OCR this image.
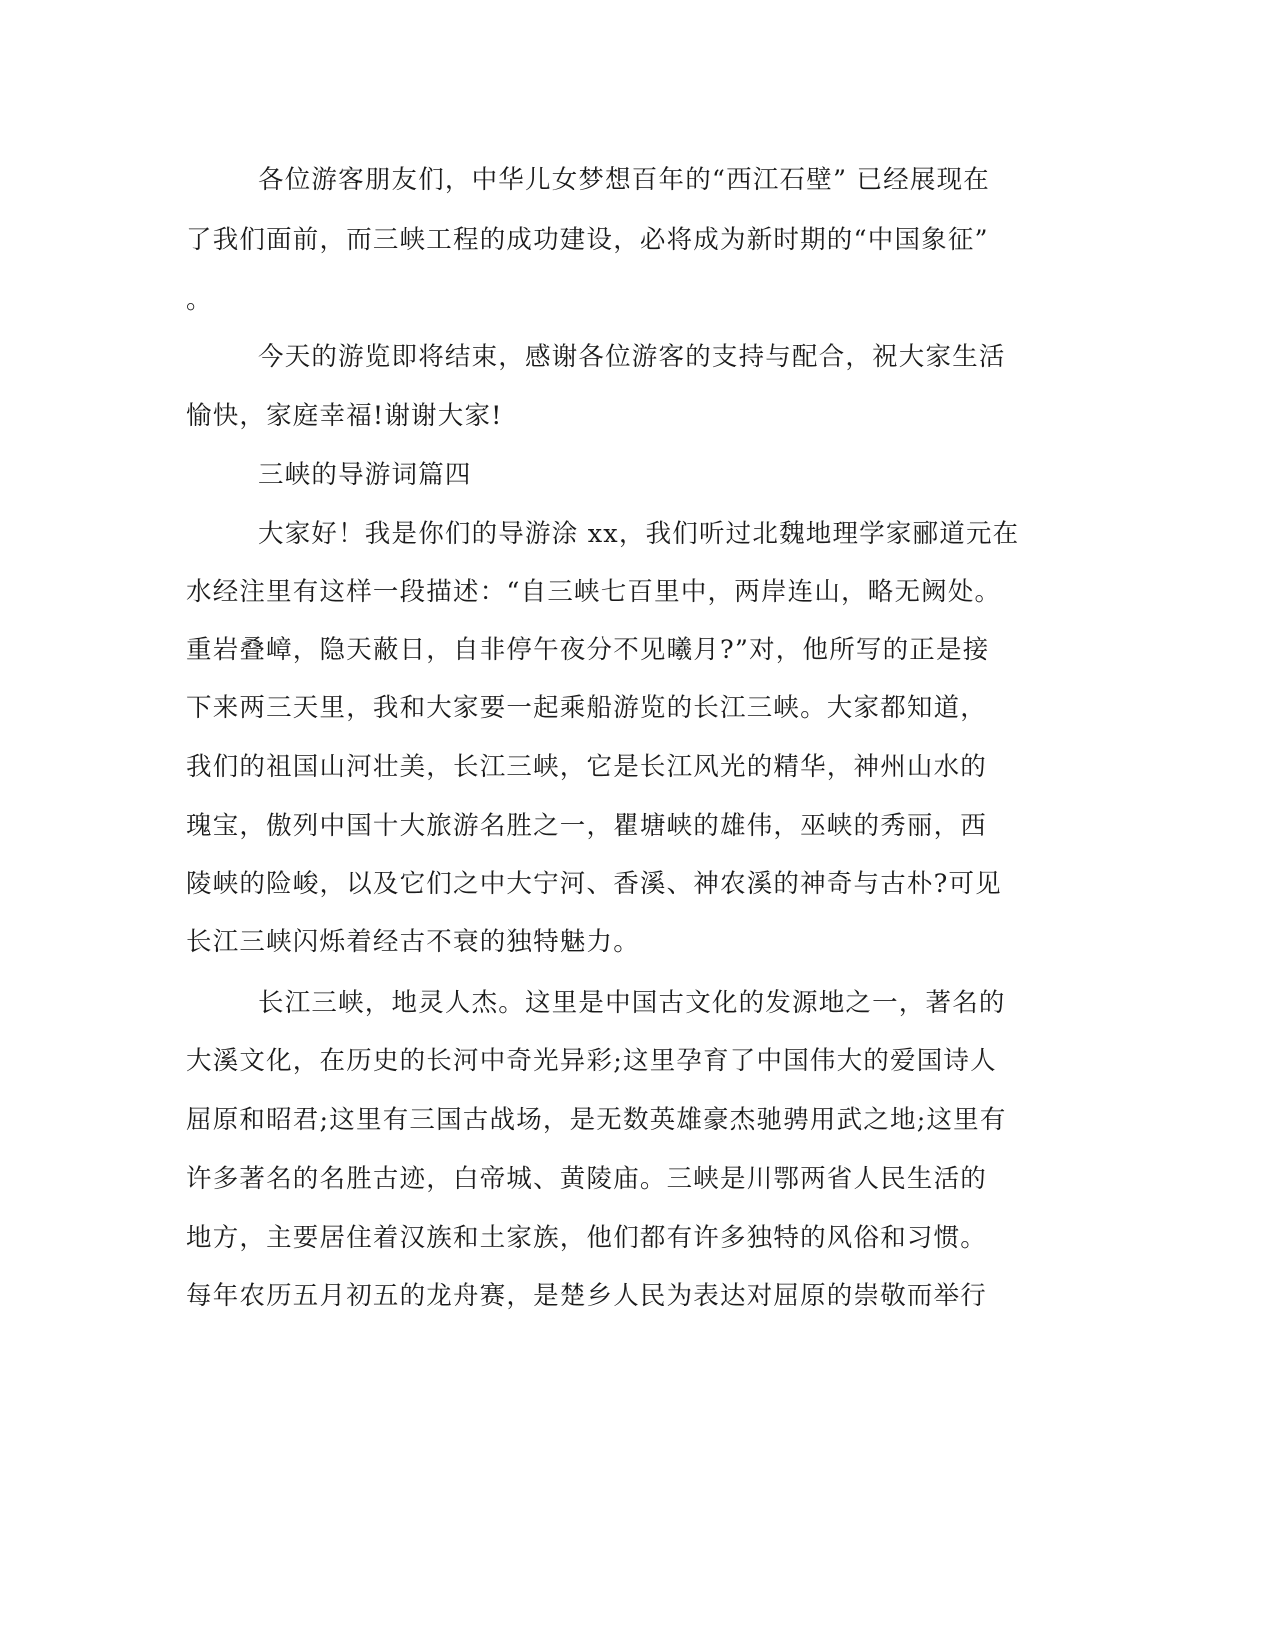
各位游客朋友们，中华儿女梦想百年的“西江石壁” 已经展现在
了我们面前，而三峡工程的成功建设，必将成为新时期的“中国象征”
。
今天的游览即将结束，感谢各位游客的支持与配合，祝大家生活
愉快，家庭幸福!谢谢大家!
三峡的导游词篇四
大家好！我是你们的导游涂 xx，我们听过北魏地理学家郦道元在
水经注里有这样一段描述：“自三峡七百里中，两岸连山，略无阙处。
重岩叠嶂，隐天蔽日，自非停午夜分不见曦月?”对，他所写的正是接
下来两三天里，我和大家要一起乘船游览的长江三峡。大家都知道，
我们的祖国山河壮美，长江三峡，它是长江风光的精华，神州山水的
瑰宝，傲列中国十大旅游名胜之一，瞿塘峡的雄伟，巫峡的秀丽，西
陵峡的险峻，以及它们之中大宁河、香溪、神农溪的神奇与古朴?可见
长江三峡闪烁着经古不衰的独特魅力。
长江三峡，地灵人杰。这里是中国古文化的发源地之一，著名的
大溪文化，在历史的长河中奇光异彩;这里孕育了中国伟大的爱国诗人
屈原和昭君;这里有三国古战场，是无数英雄豪杰驰骋用武之地;这里有
许多著名的名胜古迹，白帝城、黄陵庙。三峡是川鄂两省人民生活的
地方，主要居住着汉族和土家族，他们都有许多独特的风俗和习惯。
每年农历五月初五的龙舟赛，是楚乡人民为表达对屈原的崇敬而举行
